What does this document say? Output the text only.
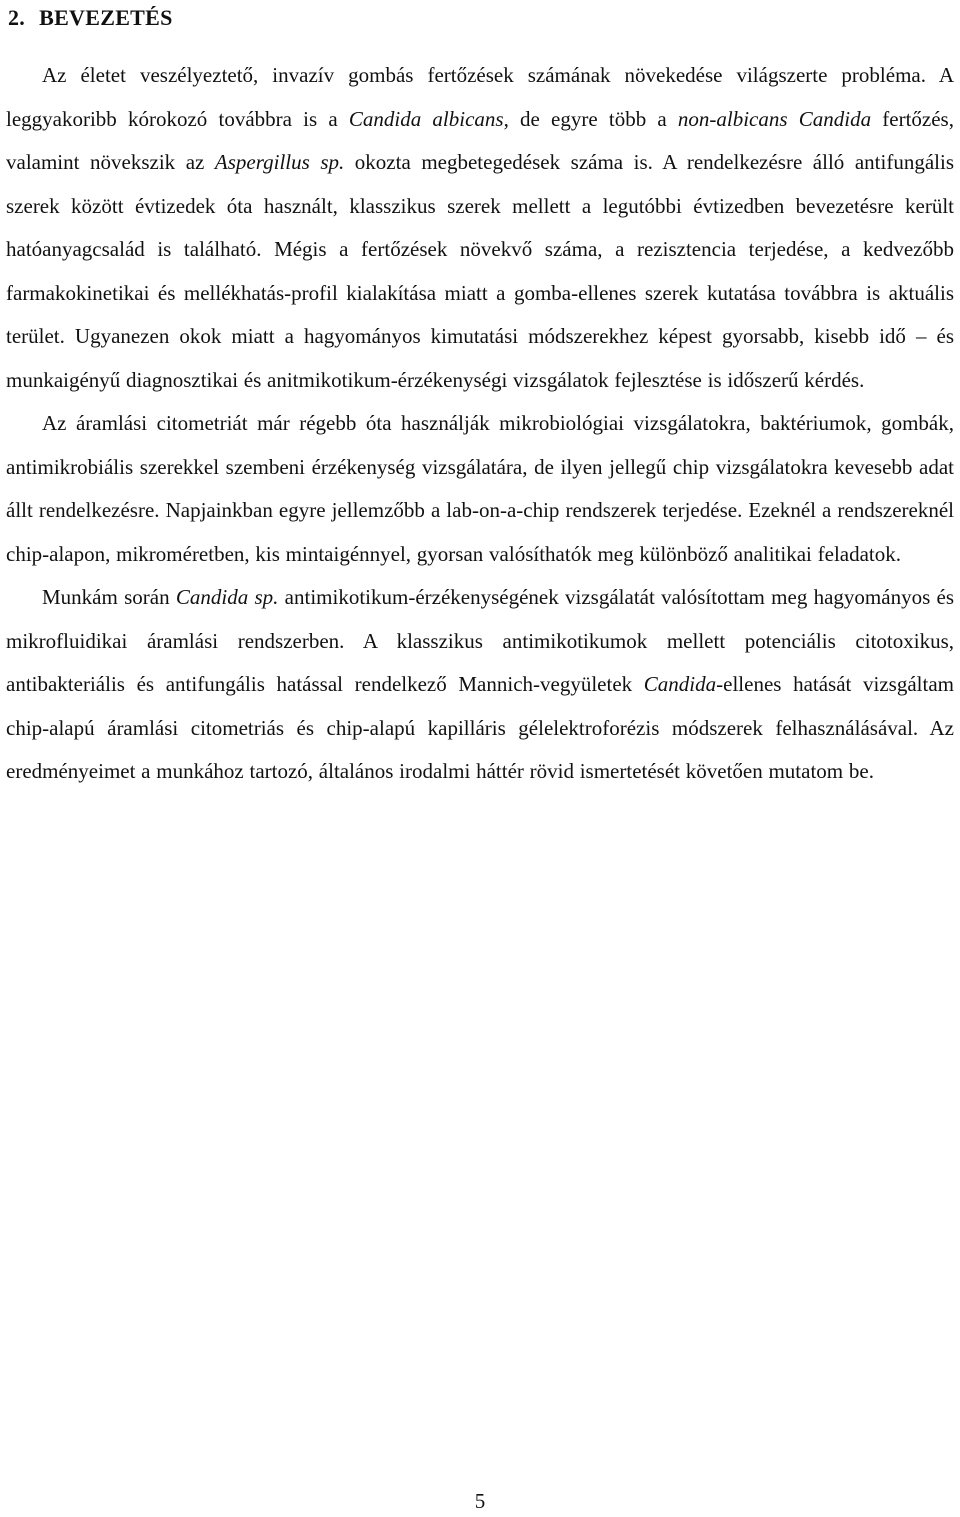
2. BEVEZETÉS

Az életet veszélyeztető, invazív gombás fertőzések számának növekedése világszerte probléma. A leggyakoribb kórokozó továbbra is a Candida albicans, de egyre több a non-albicans Candida fertőzés, valamint növekszik az Aspergillus sp. okozta megbetegedések száma is. A rendelkezésre álló antifungális szerek között évtizedek óta használt, klasszikus szerek mellett a legutóbbi évtizedben bevezetésre került hatóanyagcsalád is található. Mégis a fertőzések növekvő száma, a rezisztencia terjedése, a kedvezőbb farmakokinetikai és mellékhatás-profil kialakítása miatt a gomba-ellenes szerek kutatása továbbra is aktuális terület. Ugyanezen okok miatt a hagyományos kimutatási módszerekhez képest gyorsabb, kisebb idő – és munkaigényű diagnosztikai és anitmikotikum-érzékenységi vizsgálatok fejlesztése is időszerű kérdés.

Az áramlási citometriát már régebb óta használják mikrobiológiai vizsgálatokra, baktériumok, gombák, antimikrobiális szerekkel szembeni érzékenység vizsgálatára, de ilyen jellegű chip vizsgálatokra kevesebb adat állt rendelkezésre. Napjainkban egyre jellemzőbb a lab-on-a-chip rendszerek terjedése. Ezeknél a rendszereknél chip-alapon, mikroméretben, kis mintaigénnyel, gyorsan valósíthatók meg különböző analitikai feladatok.

Munkám során Candida sp. antimikotikum-érzékenységének vizsgálatát valósítottam meg hagyományos és mikrofluidikai áramlási rendszerben. A klasszikus antimikotikumok mellett potenciális citotoxikus, antibakteriális és antifungális hatással rendelkező Mannich-vegyületek Candida-ellenes hatását vizsgáltam chip-alapú áramlási citometriás és chip-alapú kapilláris gélelektroforézis módszerek felhasználásával. Az eredményeimet a munkához tartozó, általános irodalmi háttér rövid ismertetését követően mutatom be.

5
